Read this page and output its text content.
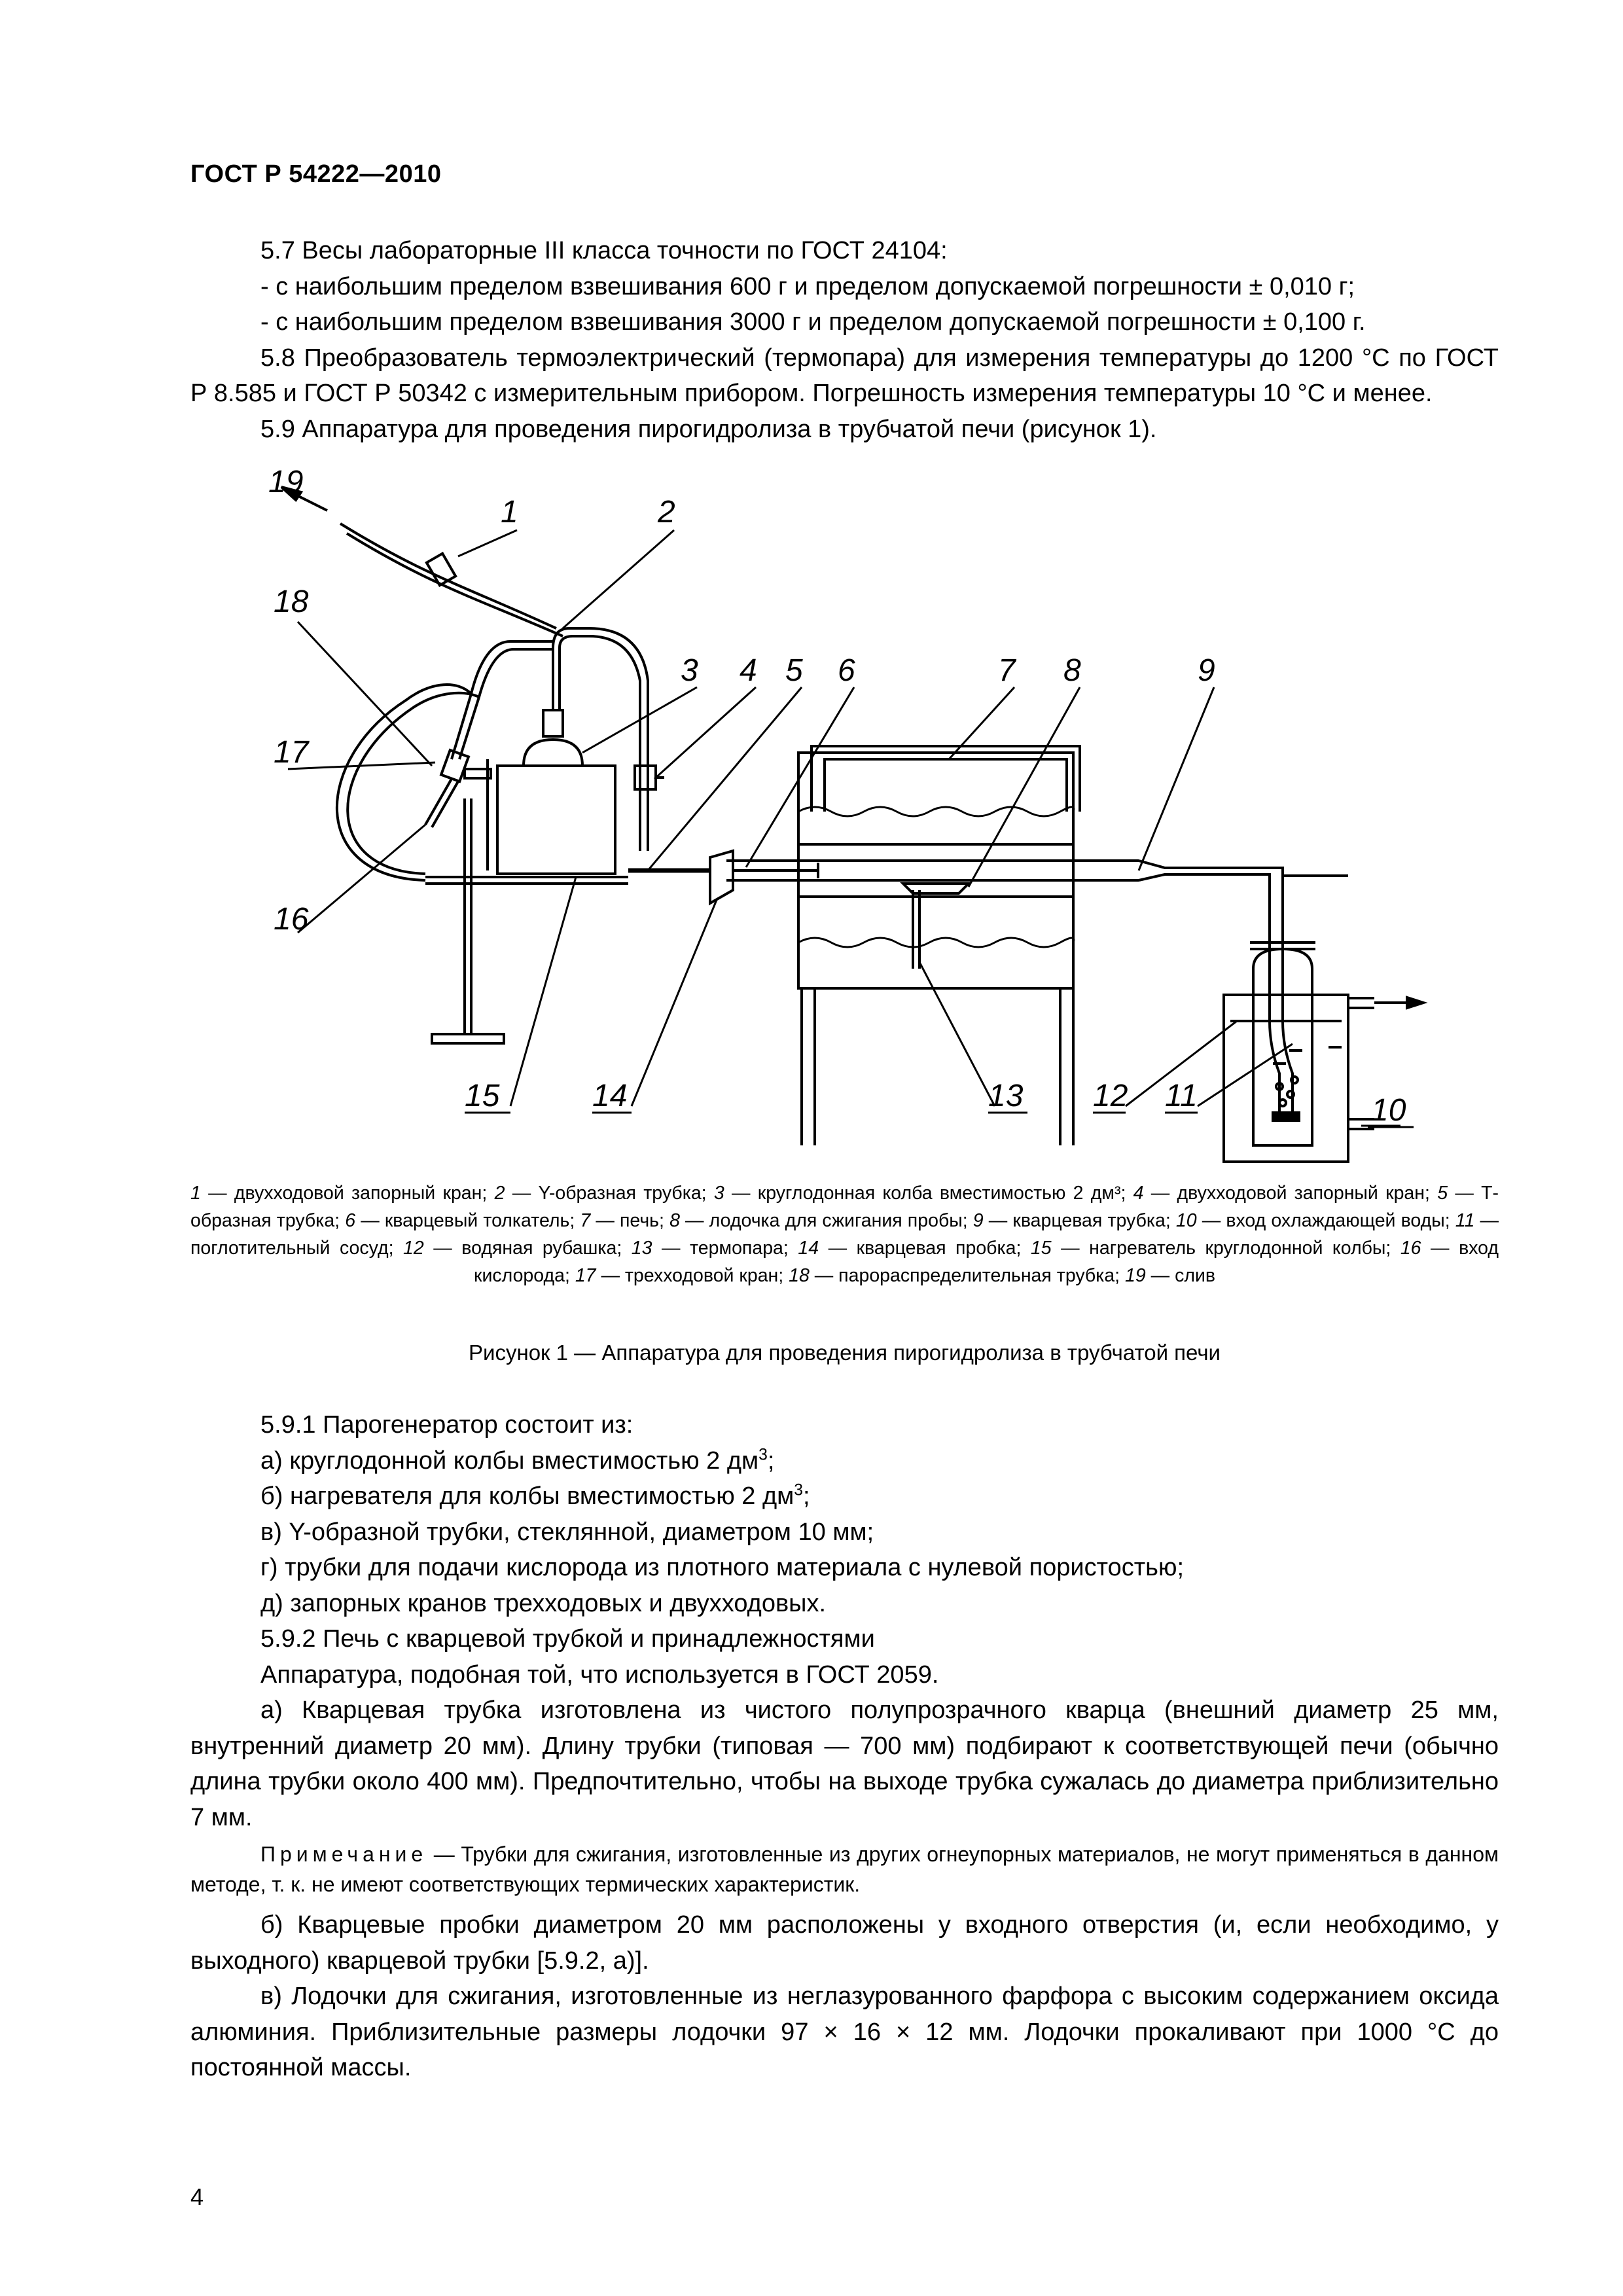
ГОСТ Р 54222—2010

5.7 Весы лабораторные III класса точности по ГОСТ 24104:

- с наибольшим пределом взвешивания 600 г и пределом допускаемой погрешности ± 0,010 г;

- с наибольшим пределом взвешивания 3000 г и пределом допускаемой погрешности ± 0,100 г.

5.8 Преобразователь термоэлектрический (термопара) для измерения температуры до 1200 °С по ГОСТ Р 8.585 и ГОСТ Р 50342 с измерительным прибором. Погрешность измерения температуры 10 °С и менее.

5.9 Аппаратура для проведения пирогидролиза в трубчатой печи (рисунок 1).

19
1	2
18
3 4 5 6	7 8	9
17
16
15	14	13 12 11	10
1 — двухходовой запорный кран; 2 — Y-образная трубка; 3 — круглодонная колба вместимостью 2 дм³; 4 — двухходовой запорный кран; 5 — Т-образная трубка; 6 — кварцевый толкатель; 7 — печь; 8 — лодочка для сжигания пробы; 9 — кварцевая трубка; 10 — вход охлаждающей воды; 11 — поглотительный сосуд; 12 — водяная рубашка; 13 — термопара; 14 — кварцевая пробка; 15 — нагреватель круглодонной колбы; 16 — вход кислорода; 17 — трехходовой кран; 18 — парораспределительная трубка; 19 — слив
Рисунок 1 — Аппаратура для проведения пирогидролиза в трубчатой печи

5.9.1 Парогенератор состоит из:

а) круглодонной колбы вместимостью 2 $дм^3$;

б) нагревателя для колбы вместимостью 2 $дм^3$;

в) Y-образной трубки, стеклянной, диаметром 10 мм;

г) трубки для подачи кислорода из плотного материала с нулевой пористостью;

д) запорных кранов трехходовых и двухходовых.

5.9.2 Печь с кварцевой трубкой и принадлежностями

Аппаратура, подобная той, что используется в ГОСТ 2059.

а) Кварцевая трубка изготовлена из чистого полупрозрачного кварца (внешний диаметр 25 мм, внутренний диаметр 20 мм). Длину трубки (типовая — 700 мм) подбирают к соответствующей печи (обычно длина трубки около 400 мм). Предпочтительно, чтобы на выходе трубка сужалась до диаметра приблизительно 7 мм.

Примечание — Трубки для сжигания, изготовленные из других огнеупорных материалов, не могут применяться в данном методе, т. к. не имеют соответствующих термических характеристик.

б) Кварцевые пробки диаметром 20 мм расположены у входного отверстия (и, если необходимо, у выходного) кварцевой трубки [5.9.2, а)].

в) Лодочки для сжигания, изготовленные из неглазурованного фарфора с высоким содержанием оксида алюминия. Приблизительные размеры лодочки 97 × 16 × 12 мм. Лодочки прокаливают при 1000 °С до постоянной массы.

4
